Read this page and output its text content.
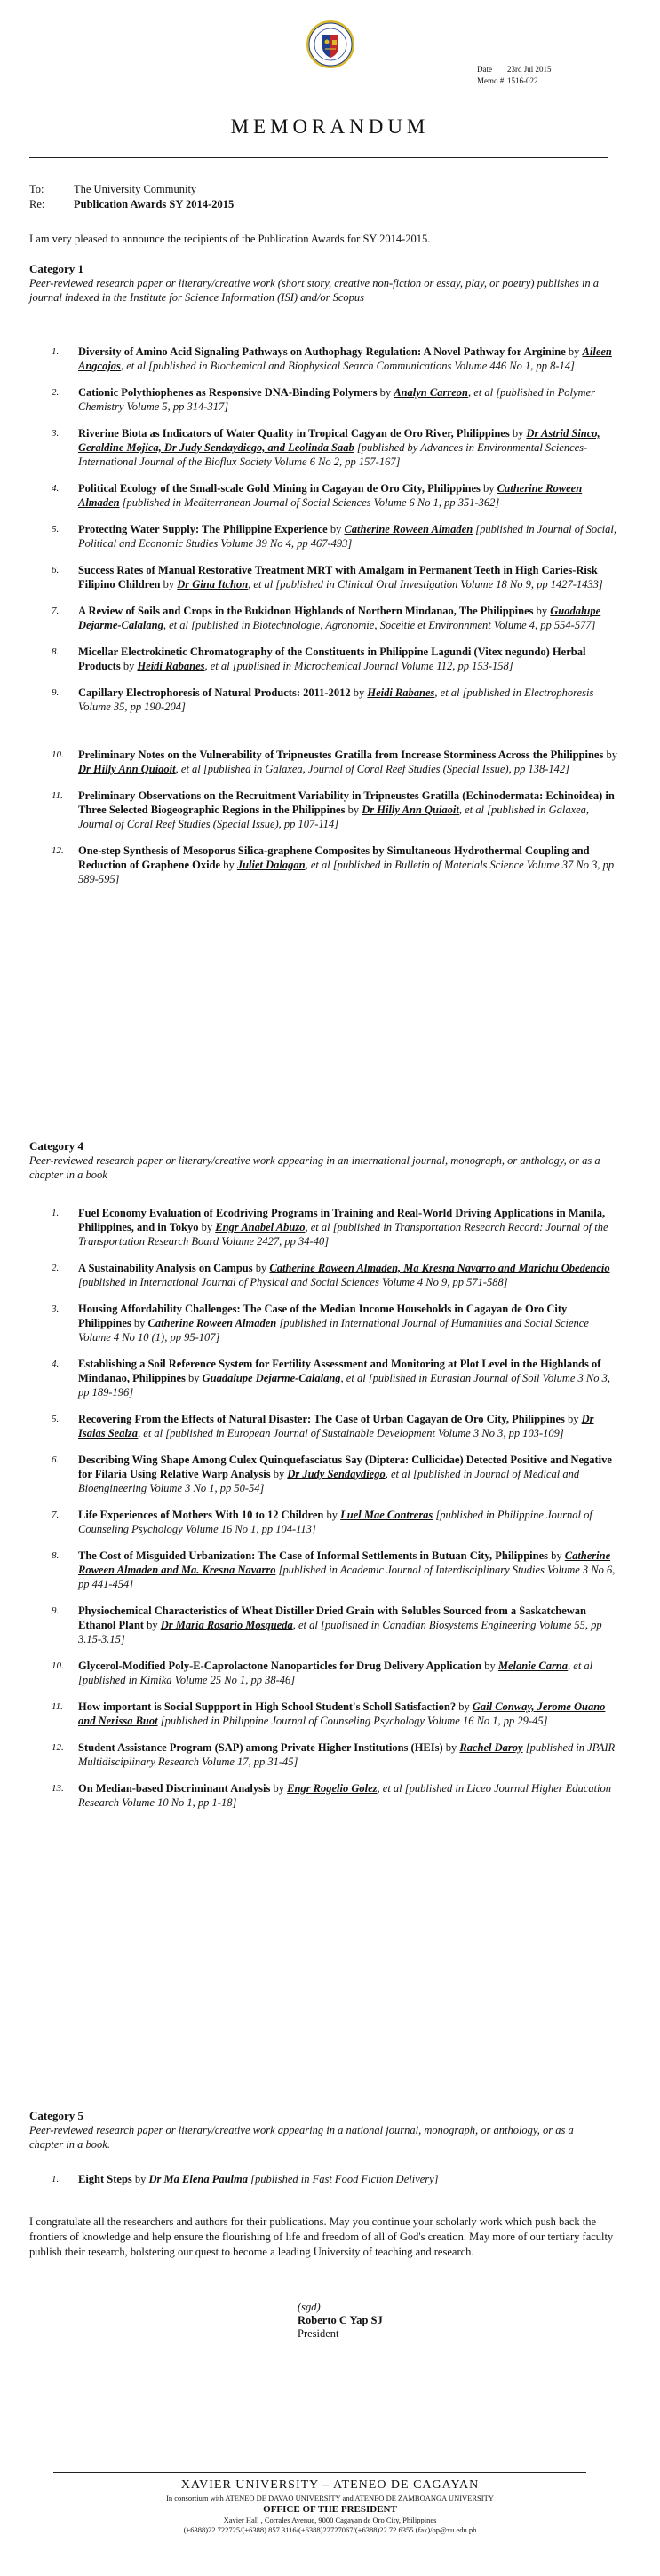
Date	23rd Jul 2015
Memo # 1516-022
MEMORANDUM
To:	The University Community
Re:	Publication Awards SY 2014-2015
I am very pleased to announce the recipients of the Publication Awards for SY 2014-2015.
Category 1
Peer-reviewed research paper or literary/creative work (short story, creative non-fiction or essay, play, or poetry) publishes in a journal indexed in the Institute for Science Information (ISI) and/or Scopus
1.	Diversity of Amino Acid Signaling Pathways on Authophagy Regulation: A Novel Pathway for Arginine by Aileen Angcajas, et al [published in Biochemical and Biophysical Search Communications Volume 446 No 1, pp 8-14]
2.	Cationic Polythiophenes as Responsive DNA-Binding Polymers by Analyn Carreon, et al [published in Polymer Chemistry Volume 5, pp 314-317]
3.	Riverine Biota as Indicators of Water Quality in Tropical Cagyan de Oro River, Philippines by Dr Astrid Sinco, Geraldine Mojica, Dr Judy Sendaydiego, and Leolinda Saab [published by Advances in Environmental Sciences- International Journal of the Bioflux Society Volume 6 No 2, pp 157-167]
4.	Political Ecology of the Small-scale Gold Mining in Cagayan de Oro City, Philippines by Catherine Roween Almaden [published in Mediterranean Journal of Social Sciences Volume 6 No 1, pp 351-362]
5.	Protecting Water Supply: The Philippine Experience by Catherine Roween Almaden [published in Journal of Social, Political and Economic Studies Volume 39 No 4, pp 467-493]
6.	Success Rates of Manual Restorative Treatment MRT with Amalgam in Permanent Teeth in High Caries-Risk Filipino Children by Dr Gina Itchon, et al [published in Clinical Oral Investigation Volume 18 No 9, pp 1427-1433]
7.	A Review of Soils and Crops in the Bukidnon Highlands of Northern Mindanao, The Philippines by Guadalupe Dejarme-Calalang, et al [published in Biotechnologie, Agronomie, Soceitie et Environnment Volume 4, pp 554-577]
8.	Micellar Electrokinetic Chromatography of the Constituents in Philippine Lagundi (Vitex negundo) Herbal Products by Heidi Rabanes, et al [published in Microchemical Journal Volume 112, pp 153-158]
9.	Capillary Electrophoresis of Natural Products: 2011-2012 by Heidi Rabanes, et al [published in Electrophoresis Volume 35, pp 190-204]
10.	Preliminary Notes on the Vulnerability of Tripneustes Gratilla from Increase Storminess Across the Philippines by Dr Hilly Ann Quiaoit, et al [published in Galaxea, Journal of Coral Reef Studies (Special Issue), pp 138-142]
11.	Preliminary Observations on the Recruitment Variability in Tripneustes Gratilla (Echinodermata: Echinoidea) in Three Selected Biogeographic Regions in the Philippines by Dr Hilly Ann Quiaoit, et al [published in Galaxea, Journal of Coral Reef Studies (Special Issue), pp 107-114]
12.	One-step Synthesis of Mesoporus Silica-graphene Composites by Simultaneous Hydrothermal Coupling and Reduction of Graphene Oxide by Juliet Dalagan, et al [published in Bulletin of Materials Science Volume 37 No 3, pp 589-595]
Category 4
Peer-reviewed research paper or literary/creative work appearing in an international journal, monograph, or anthology, or as a chapter in a book
1.	Fuel Economy Evaluation of Ecodriving Programs in Training and Real-World Driving Applications in Manila, Philippines, and in Tokyo by Engr Anabel Abuzo, et al [published in Transportation Research Record: Journal of the Transportation Research Board Volume 2427, pp 34-40]
2.	A Sustainability Analysis on Campus by Catherine Roween Almaden, Ma Kresna Navarro and Marichu Obedencio [published in International Journal of Physical and Social Sciences Volume 4 No 9, pp 571-588]
3.	Housing Affordability Challenges: The Case of the Median Income Households in Cagayan de Oro City Philippines by Catherine Roween Almaden [published in International Journal of Humanities and Social Science Volume 4 No 10 (1), pp 95-107]
4.	Establishing a Soil Reference System for Fertility Assessment and Monitoring at Plot Level in the Highlands of Mindanao, Philippines by Guadalupe Dejarme-Calalang, et al [published in Eurasian Journal of Soil Volume 3 No 3, pp 189-196]
5.	Recovering From the Effects of Natural Disaster: The Case of Urban Cagayan de Oro City, Philippines by Dr Isaias Sealza, et al [published in European Journal of Sustainable Development Volume 3 No 3, pp 103-109]
6.	Describing Wing Shape Among Culex Quinquefasciatus Say (Diptera: Cullicidae) Detected Positive and Negative for Filaria Using Relative Warp Analysis by Dr Judy Sendaydiego, et al [published in Journal of Medical and Bioengineering Volume 3 No 1, pp 50-54]
7.	Life Experiences of Mothers With 10 to 12 Children by Luel Mae Contreras [published in Philippine Journal of Counseling Psychology Volume 16 No 1, pp 104-113]
8.	The Cost of Misguided Urbanization: The Case of Informal Settlements in Butuan City, Philippines by Catherine Roween Almaden and Ma. Kresna Navarro [published in Academic Journal of Interdisciplinary Studies Volume 3 No 6, pp 441-454]
9.	Physiochemical Characteristics of Wheat Distiller Dried Grain with Solubles Sourced from a Saskatchewan Ethanol Plant by Dr Maria Rosario Mosqueda, et al [published in Canadian Biosystems Engineering Volume 55, pp 3.15-3.15]
10.	Glycerol-Modified Poly-E-Caprolactone Nanoparticles for Drug Delivery Application by Melanie Carna, et al [published in Kimika Volume 25 No 1, pp 38-46]
11.	How important is Social Suppport in High School Student's Scholl Satisfaction? by Gail Conway, Jerome Ouano and Nerissa Buot [published in Philippine Journal of Counseling Psychology Volume 16 No 1, pp 29-45]
12.	Student Assistance Program (SAP) among Private Higher Institutions (HEIs) by Rachel Daroy [published in JPAIR Multidisciplinary Research Volume 17, pp 31-45]
13.	On Median-based Discriminant Analysis by Engr Rogelio Golez, et al [published in Liceo Journal Higher Education Research Volume 10 No 1, pp 1-18]
Category 5
Peer-reviewed research paper or literary/creative work appearing in a national journal, monograph, or anthology, or as a chapter in a book.
1.	Eight Steps by Dr Ma Elena Paulma [published in Fast Food Fiction Delivery]
I congratulate all the researchers and authors for their publications. May you continue your scholarly work which push back the frontiers of knowledge and help ensure the flourishing of life and freedom of all of God's creation. May more of our tertiary faculty publish their research, bolstering our quest to become a leading University of teaching and research.
(sgd)
Roberto C Yap SJ
President
XAVIER UNIVERSITY – ATENEO DE CAGAYAN
In consortium with ATENEO DE DAVAO UNIVERSITY and ATENEO DE ZAMBOANGA UNIVERSITY
OFFICE OF THE PRESIDENT
Xavier Hall , Corrales Avenue, 9000 Cagayan de Oro City, Philippines
(+6388)22 722725/(+6388) 857 3116/(+6388)22727067/(+6388)22 72 6355 (fax)/op@xu.edu.ph
